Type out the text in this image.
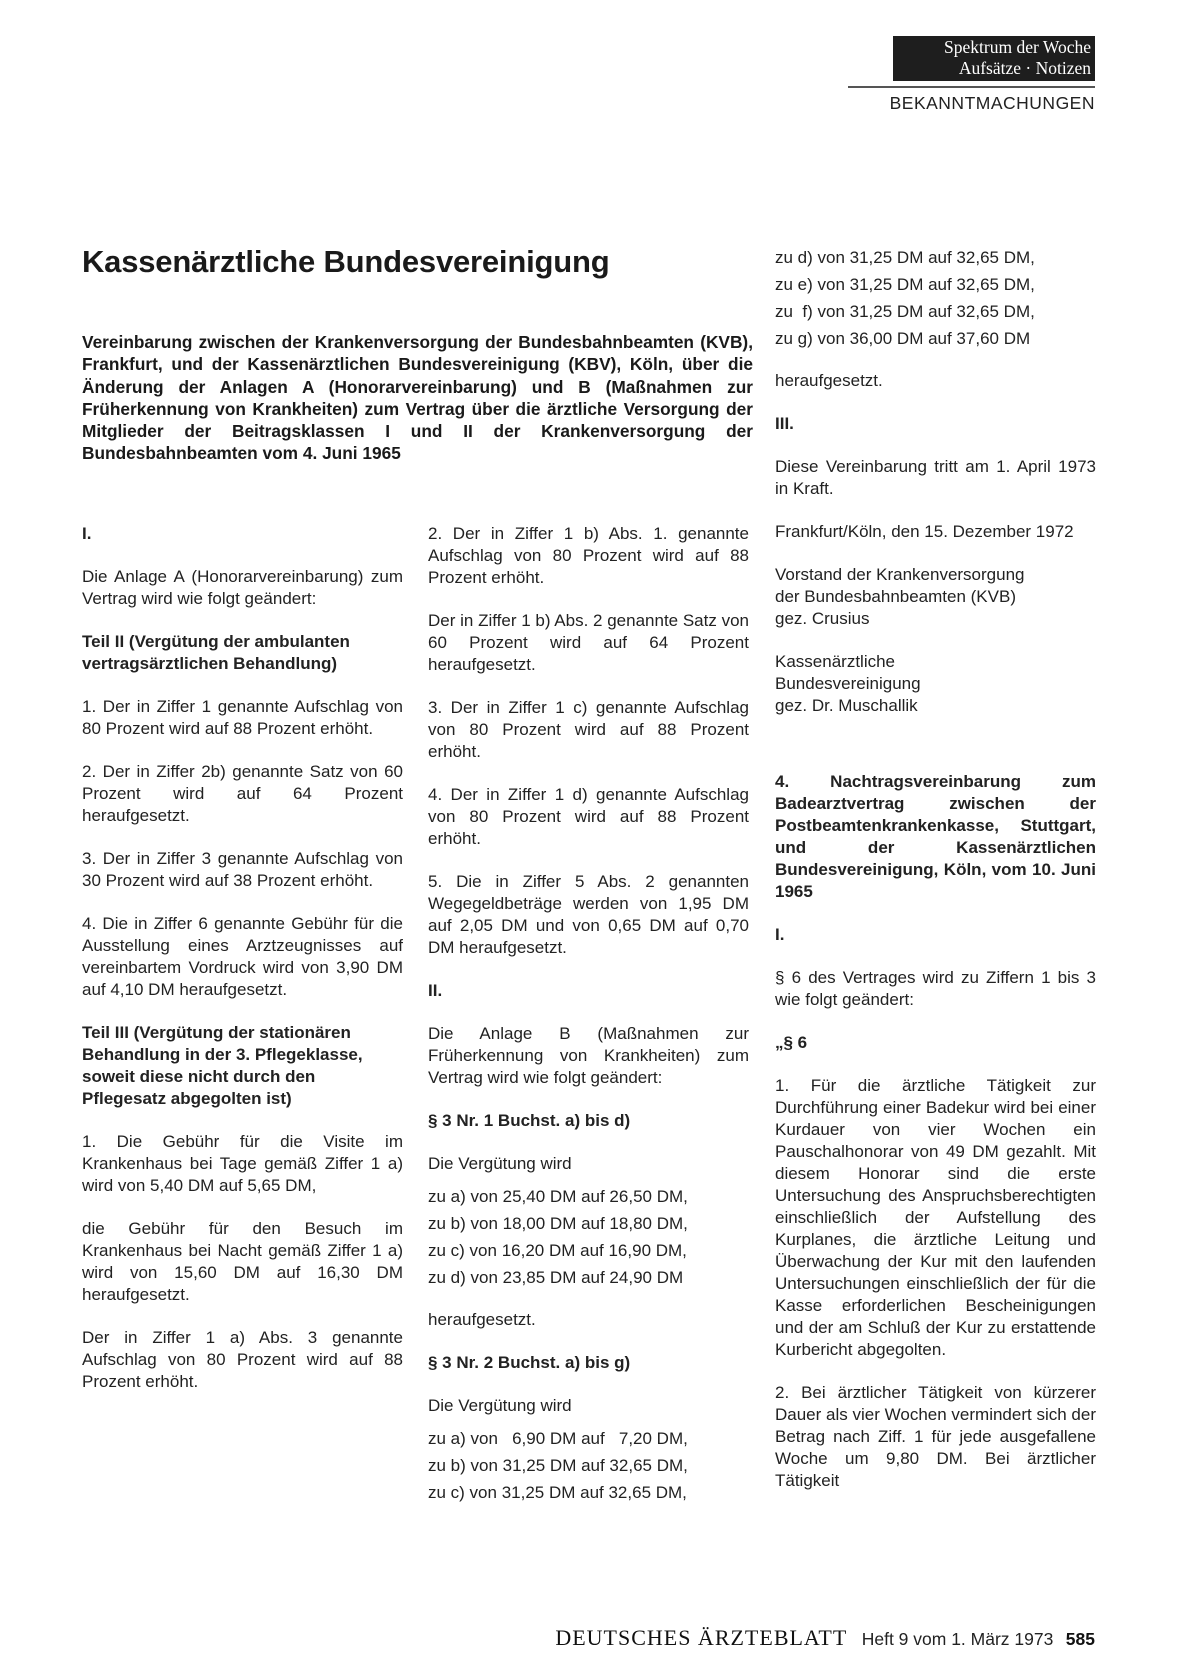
Spektrum der Woche
Aufsätze · Notizen
BEKANNTMACHUNGEN
Kassenärztliche Bundesvereinigung

Vereinbarung zwischen der Krankenversorgung der Bundesbahnbeamten (KVB), Frankfurt, und der Kassenärztlichen Bundesvereinigung (KBV), Köln, über die Änderung der Anlagen A (Honorarvereinbarung) und B (Maßnahmen zur Früherkennung von Krankheiten) zum Vertrag über die ärztliche Versorgung der Mitglieder der Beitragsklassen I und II der Krankenversorgung der Bundesbahnbeamten vom 4. Juni 1965

I.

Die Anlage A (Honorarvereinbarung) zum Vertrag wird wie folgt geändert:

Teil II (Vergütung der ambulanten vertragsärztlichen Behandlung)

1. Der in Ziffer 1 genannte Aufschlag von 80 Prozent wird auf 88 Prozent erhöht.

2. Der in Ziffer 2b) genannte Satz von 60 Prozent wird auf 64 Prozent heraufgesetzt.

3. Der in Ziffer 3 genannte Aufschlag von 30 Prozent wird auf 38 Prozent erhöht.

4. Die in Ziffer 6 genannte Gebühr für die Ausstellung eines Arztzeugnisses auf vereinbartem Vordruck wird von 3,90 DM auf 4,10 DM heraufgesetzt.

Teil III (Vergütung der stationären Behandlung in der 3. Pflegeklasse, soweit diese nicht durch den Pflegesatz abgegolten ist)

1. Die Gebühr für die Visite im Krankenhaus bei Tage gemäß Ziffer 1 a) wird von 5,40 DM auf 5,65 DM,

die Gebühr für den Besuch im Krankenhaus bei Nacht gemäß Ziffer 1 a) wird von 15,60 DM auf 16,30 DM heraufgesetzt.

Der in Ziffer 1 a) Abs. 3 genannte Aufschlag von 80 Prozent wird auf 88 Prozent erhöht.

2. Der in Ziffer 1 b) Abs. 1. genannte Aufschlag von 80 Prozent wird auf 88 Prozent erhöht.

Der in Ziffer 1 b) Abs. 2 genannte Satz von 60 Prozent wird auf 64 Prozent heraufgesetzt.

3. Der in Ziffer 1 c) genannte Aufschlag von 80 Prozent wird auf 88 Prozent erhöht.

4. Der in Ziffer 1 d) genannte Aufschlag von 80 Prozent wird auf 88 Prozent erhöht.

5. Die in Ziffer 5 Abs. 2 genannten Wegegeldbeträge werden von 1,95 DM auf 2,05 DM und von 0,65 DM auf 0,70 DM heraufgesetzt.

II.

Die Anlage B (Maßnahmen zur Früherkennung von Krankheiten) zum Vertrag wird wie folgt geändert:

§ 3 Nr. 1 Buchst. a) bis d)

Die Vergütung wird

zu a) von 25,40 DM auf 26,50 DM,
zu b) von 18,00 DM auf 18,80 DM,
zu c) von 16,20 DM auf 16,90 DM,
zu d) von 23,85 DM auf 24,90 DM

heraufgesetzt.

§ 3 Nr. 2 Buchst. a) bis g)

Die Vergütung wird

zu a) von   6,90 DM auf   7,20 DM,
zu b) von 31,25 DM auf 32,65 DM,
zu c) von 31,25 DM auf 32,65 DM,
zu d) von 31,25 DM auf 32,65 DM,
zu e) von 31,25 DM auf 32,65 DM,
zu  f) von 31,25 DM auf 32,65 DM,
zu g) von 36,00 DM auf 37,60 DM

heraufgesetzt.

III.

Diese Vereinbarung tritt am 1. April 1973 in Kraft.

Frankfurt/Köln, den 15. Dezember 1972

Vorstand der Krankenversorgung
der Bundesbahnbeamten (KVB)
gez. Crusius

Kassenärztliche
Bundesvereinigung
gez. Dr. Muschallik

4. Nachtragsvereinbarung zum Badearztvertrag zwischen der Postbeamtenkrankenkasse, Stuttgart, und der Kassenärztlichen Bundesvereinigung, Köln, vom 10. Juni 1965

I.

§ 6 des Vertrages wird zu Ziffern 1 bis 3 wie folgt geändert:

„§ 6

1. Für die ärztliche Tätigkeit zur Durchführung einer Badekur wird bei einer Kurdauer von vier Wochen ein Pauschalhonorar von 49 DM gezahlt. Mit diesem Honorar sind die erste Untersuchung des Anspruchsberechtigten einschließlich der Aufstellung des Kurplanes, die ärztliche Leitung und Überwachung der Kur mit den laufenden Untersuchungen einschließlich der für die Kasse erforderlichen Bescheinigungen und der am Schluß der Kur zu erstattende Kurbericht abgegolten.

2. Bei ärztlicher Tätigkeit von kürzerer Dauer als vier Wochen vermindert sich der Betrag nach Ziff. 1 für jede ausgefallene Woche um 9,80 DM. Bei ärztlicher Tätigkeit

DEUTSCHES ÄRZTEBLATT Heft 9 vom 1. März 1973 585
